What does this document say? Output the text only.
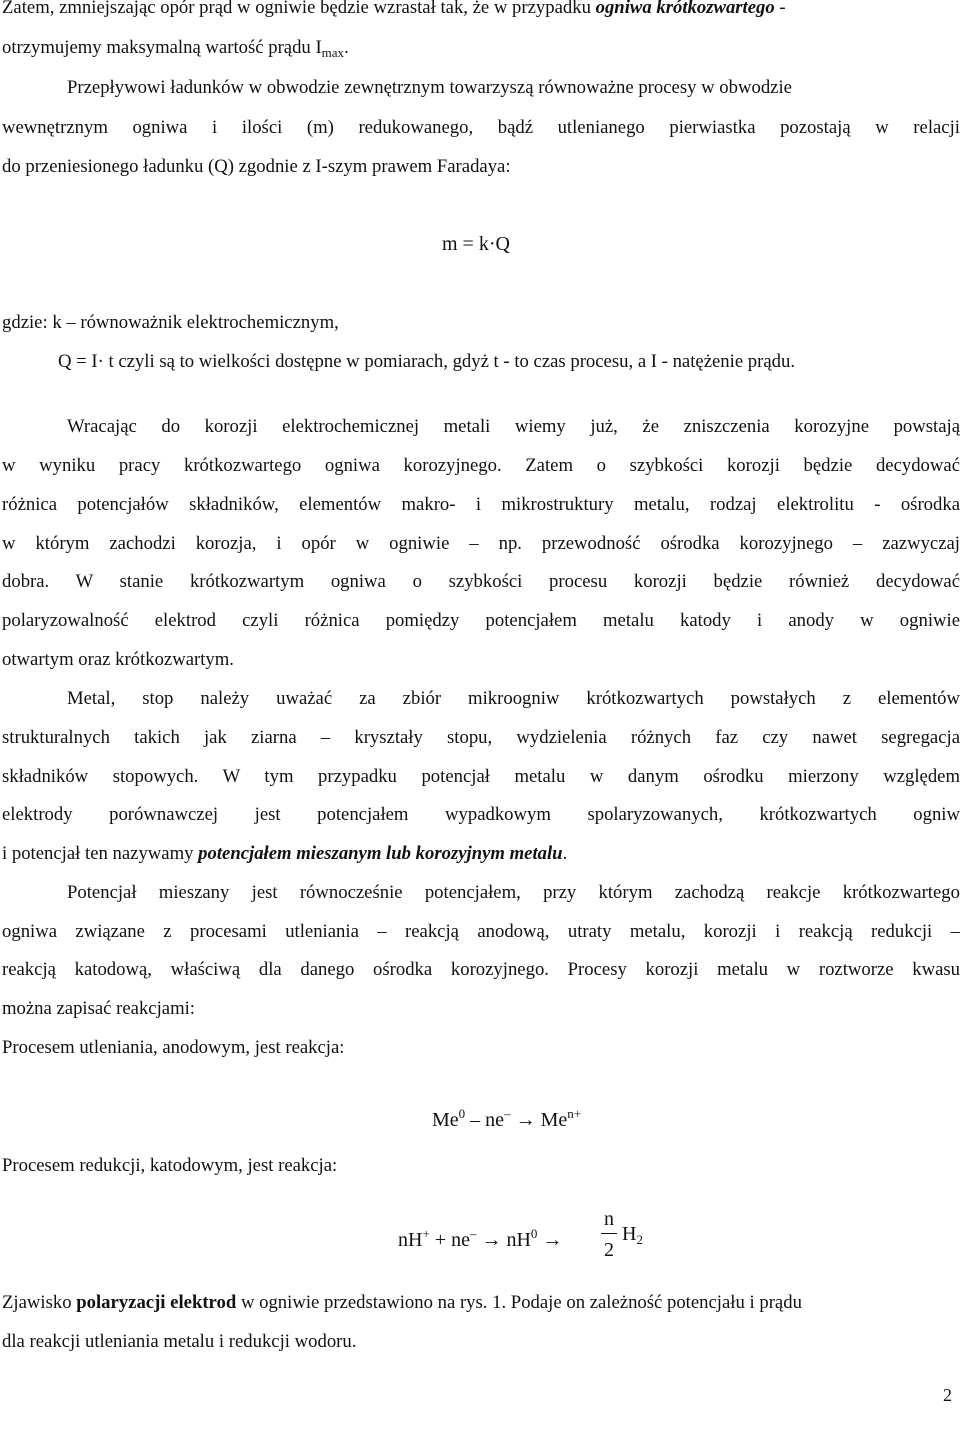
Zatem, zmniejszając opór prąd w ogniwie będzie wzrastał tak, że w przypadku ogniwa krótkozwartego -
otrzymujemy maksymalną wartość prądu $I_{max}$.
Przepływowi ładunków w obwodzie zewnętrznym towarzyszą równoważne procesy w obwodzie
wewnętrznym ogniwa i ilości (m) redukowanego, bądź utlenianego pierwiastka pozostają w relacji
do przeniesionego ładunku (Q) zgodnie z I-szym prawem Faradaya:
m = k·Q
gdzie: k – równoważnik elektrochemicznym,
Q = I· t czyli są to wielkości dostępne w pomiarach, gdyż t - to czas procesu, a I - natężenie prądu.
Wracając do korozji elektrochemicznej metali wiemy już, że zniszczenia korozyjne powstają
w wyniku pracy krótkozwartego ogniwa korozyjnego. Zatem o szybkości korozji będzie decydować
różnica potencjałów składników, elementów makro- i mikrostruktury metalu, rodzaj elektrolitu - ośrodka
w którym zachodzi korozja, i opór w ogniwie – np. przewodność ośrodka korozyjnego – zazwyczaj
dobra. W stanie krótkozwartym ogniwa o szybkości procesu korozji będzie również decydować
polaryzowalność elektrod czyli różnica pomiędzy potencjałem metalu katody i anody w ogniwie
otwartym oraz krótkozwartym.
Metal, stop należy uważać za zbiór mikroogniw krótkozwartych powstałych z elementów
strukturalnych takich jak ziarna – kryształy stopu, wydzielenia różnych faz czy nawet segregacja
składników stopowych. W tym przypadku potencjał metalu w danym ośrodku mierzony względem
elektrody porównawczej jest potencjałem wypadkowym spolaryzowanych, krótkozwartych ogniw
i potencjał ten nazywamy potencjałem mieszanym lub korozyjnym metalu.
Potencjał mieszany jest równocześnie potencjałem, przy którym zachodzą reakcje krótkozwartego
ogniwa związane z procesami utleniania – reakcją anodową, utraty metalu, korozji i reakcją redukcji –
reakcją katodową, właściwą dla danego ośrodka korozyjnego. Procesy korozji metalu w roztworze kwasu
można zapisać reakcjami:
Procesem utleniania, anodowym, jest reakcja:
$Me^0 - ne^- \to Me^{n+}$
Procesem redukcji, katodowym, jest reakcja:
$nH^+ + ne^- \to nH^0$ →
n
2
$H_2$
Zjawisko polaryzacji elektrod w ogniwie przedstawiono na rys. 1. Podaje on zależność potencjału i prądu
dla reakcji utleniania metalu i redukcji wodoru.
2
